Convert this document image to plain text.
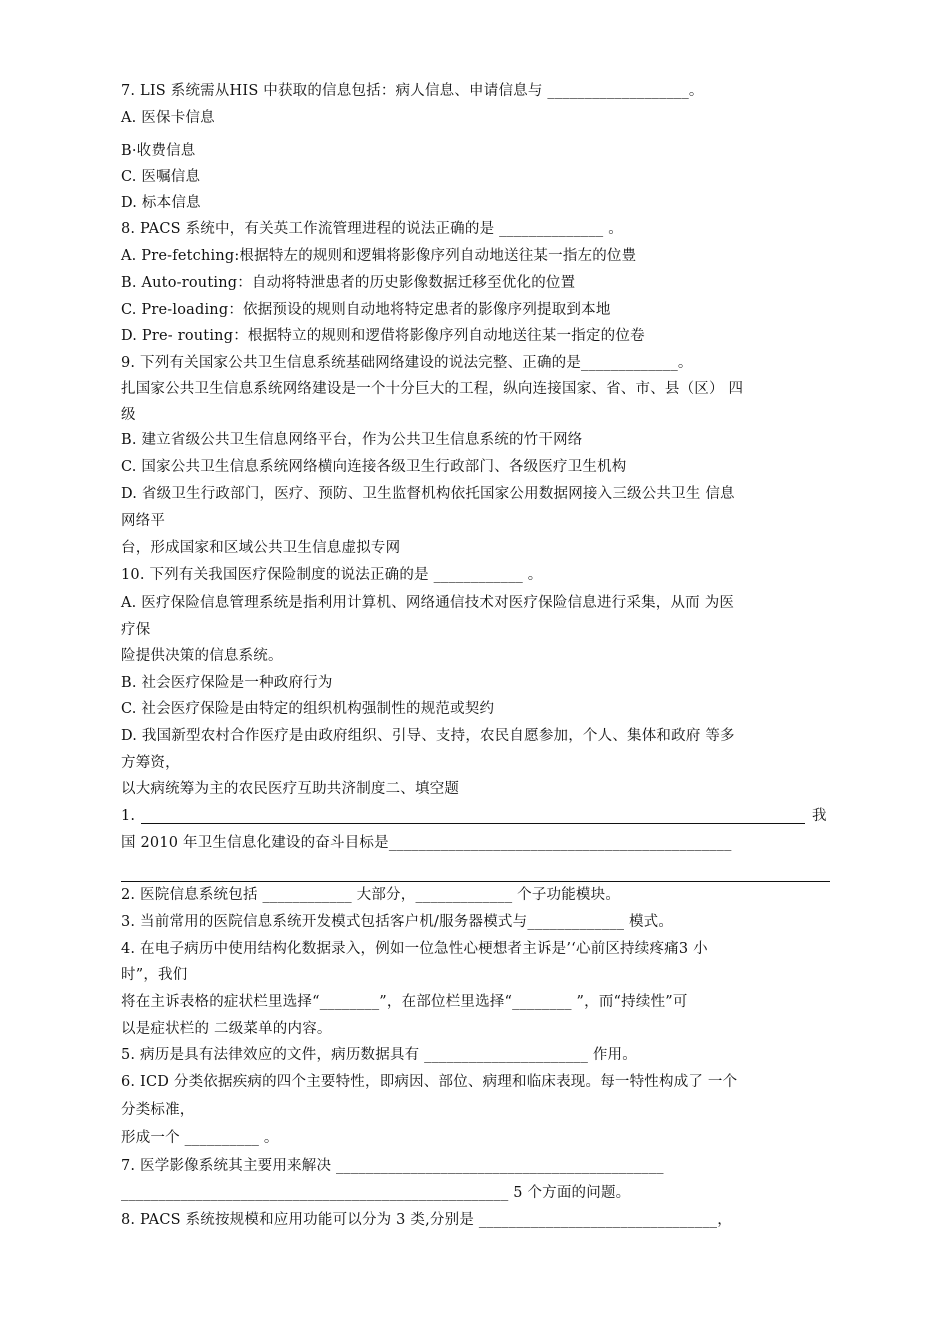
7. LIS 系统需从HIS 中获取的信息包括：病人信息、申请信息与 ___________________。
A. 医保卡信息
B·收费信息
C. 医嘱信息
D. 标本信息
8. PACS 系统中，有关英工作流管理进程的说法正确的是 ______________ 。
A. Pre-fetching:根据特左的规则和逻辑将影像序列自动地送往某一指左的位豊
B. Auto-routing：自动将特泄患者的历史影像数据迁移至优化的位置
C. Pre-loading：依据预设的规则自动地将特定患者的影像序列提取到本地
D. Pre- routing：根据特立的规则和逻借将影像序列自动地送往某一指定的位卷
9. 下列有关国家公共卫生信息系统基础网络建设的说法完整、正确的是_____________。
扎国家公共卫生信息系统网络建设是一个十分巨大的工程，纵向连接国家、省、市、县（区） 四
级
B. 建立省级公共卫生信息网络平台，作为公共卫生信息系统的竹干网络
C. 国家公共卫生信息系统网络横向连接各级卫生行政部门、各级医疗卫生机构
D. 省级卫生行政部门，医疗、预防、卫生监督机构依托国家公用数据网接入三级公共卫生 信息
网络平
台，形成国家和区域公共卫生信息虚拟专网
10. 下列有关我国医疗保险制度的说法正确的是 ____________ 。
A. 医疗保险信息管理系统是指利用计算机、网络通信技术对医疗保险信息进行采集，从而 为医
疗保
险提供决策的信息系统。
B. 社会医疗保险是一种政府行为
C. 社会医疗保险是由特定的组织机构强制性的规范或契约
D. 我国新型农村合作医疗是由政府组织、引导、支持，农民自愿参加，个人、集体和政府 等多
方筹资，
以大病统筹为主的农民医疗互助共济制度二、填空题
1.	我
国 2010 年卫生信息化建设的奋斗目标是______________________________________________
2. 医院信息系统包括 ____________ 大部分，_____________ 个子功能模块。
3. 当前常用的医院信息系统开发模式包括客户机/服务器模式与_____________ 模式。
4. 在电子病历中使用结构化数据录入，例如一位急性心梗想者主诉是’‘心前区持续疼痛3 小
时”，我们
将在主诉表格的症状栏里选择“________”，在部位栏里选择“________ ”，而“持续性”可
以是症状栏的 二级菜单的内容。
5. 病历是具有法律效应的文件，病历数据具有 ______________________ 作用。
6. ICD 分类依据疾病的四个主要特性，即病因、部位、病理和临床表现。每一特性构成了 一个
分类标准，
形成一个 __________ 。
7. 医学影像系统其主要用来解决 ____________________________________________
____________________________________________________ 5 个方面的问题。
8. PACS 系统按规模和应用功能可以分为 3 类,分别是 ________________________________，
